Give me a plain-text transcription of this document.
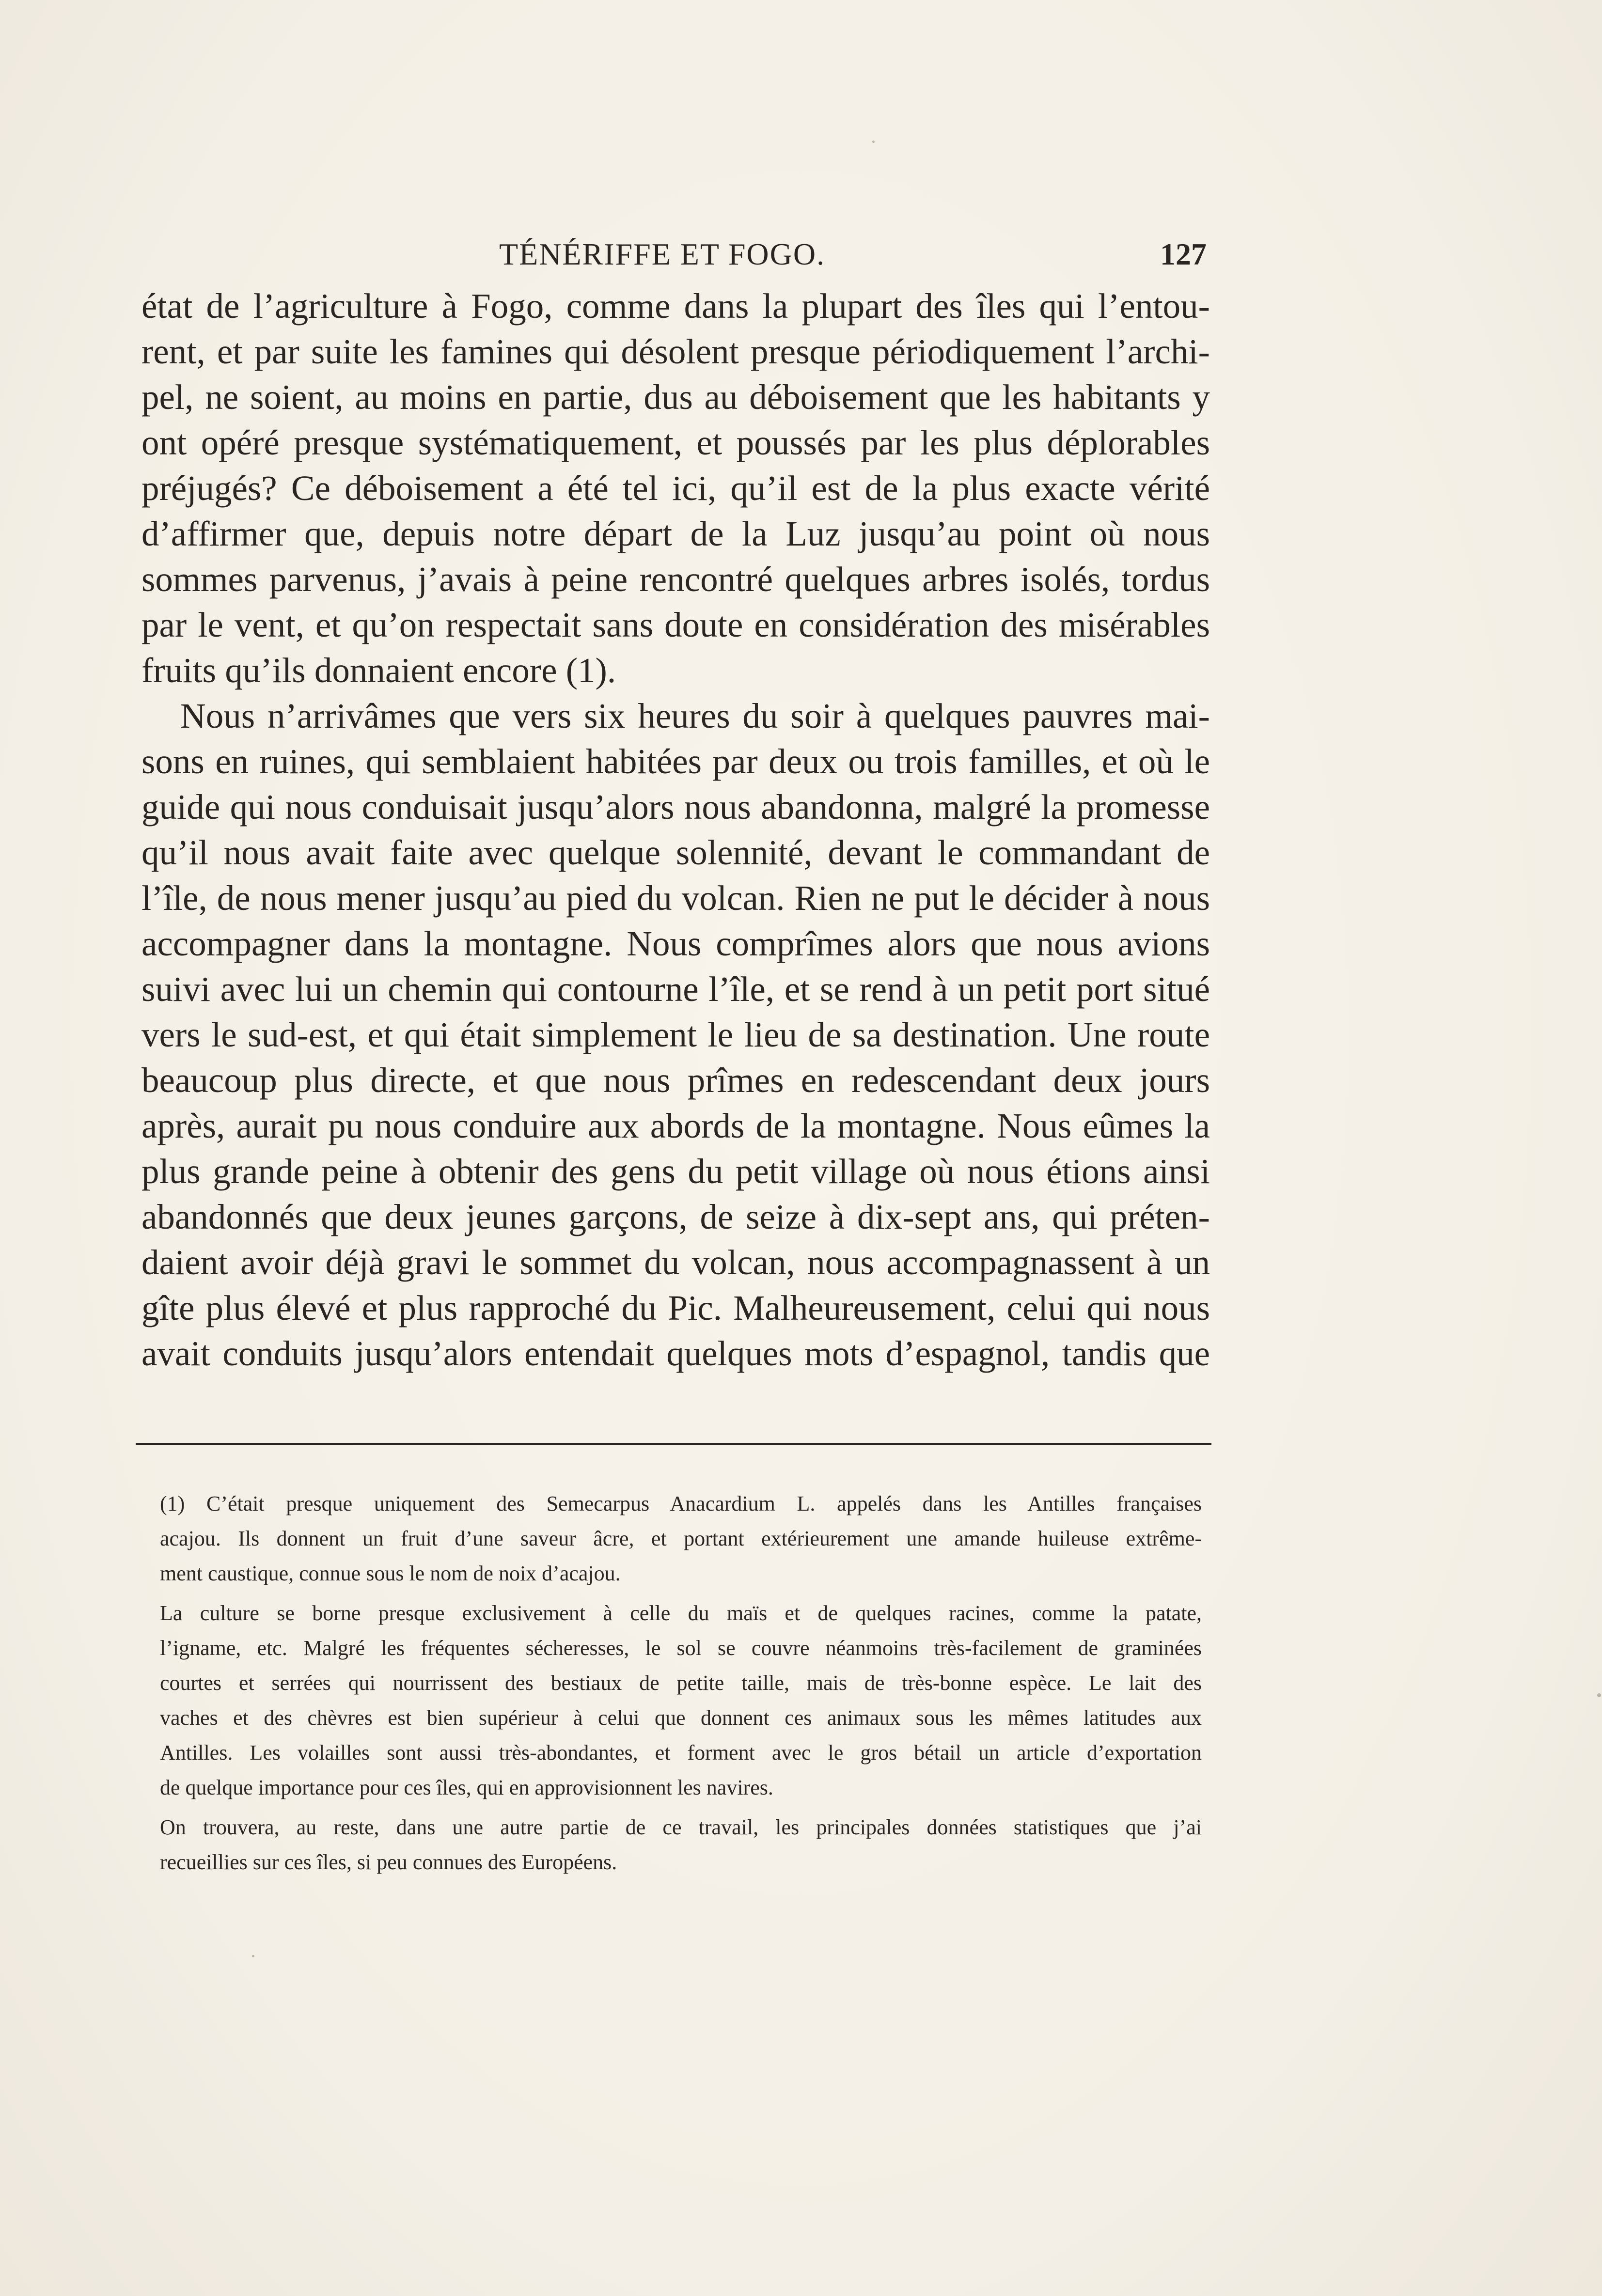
TÉNÉRIFFE ET FOGO.	127
état de l’agriculture à Fogo, comme dans la plupart des îles qui l’entou-
rent, et par suite les famines qui désolent presque périodiquement l’archi-
pel, ne soient, au moins en partie, dus au déboisement que les habitants y
ont opéré presque systématiquement, et poussés par les plus déplorables
préjugés? Ce déboisement a été tel ici, qu’il est de la plus exacte vérité
d’affirmer que, depuis notre départ de la Luz jusqu’au point où nous
sommes parvenus, j’avais à peine rencontré quelques arbres isolés, tordus
par le vent, et qu’on respectait sans doute en considération des misérables
fruits qu’ils donnaient encore (1).
Nous n’arrivâmes que vers six heures du soir à quelques pauvres mai-
sons en ruines, qui semblaient habitées par deux ou trois familles, et où le
guide qui nous conduisait jusqu’alors nous abandonna, malgré la promesse
qu’il nous avait faite avec quelque solennité, devant le commandant de
l’île, de nous mener jusqu’au pied du volcan. Rien ne put le décider à nous
accompagner dans la montagne. Nous comprîmes alors que nous avions
suivi avec lui un chemin qui contourne l’île, et se rend à un petit port situé
vers le sud-est, et qui était simplement le lieu de sa destination. Une route
beaucoup plus directe, et que nous prîmes en redescendant deux jours
après, aurait pu nous conduire aux abords de la montagne. Nous eûmes la
plus grande peine à obtenir des gens du petit village où nous étions ainsi
abandonnés que deux jeunes garçons, de seize à dix-sept ans, qui préten-
daient avoir déjà gravi le sommet du volcan, nous accompagnassent à un
gîte plus élevé et plus rapproché du Pic. Malheureusement, celui qui nous
avait conduits jusqu’alors entendait quelques mots d’espagnol, tandis que
(1) C’était presque uniquement des Semecarpus Anacardium L. appelés dans les Antilles françaises
acajou. Ils donnent un fruit d’une saveur âcre, et portant extérieurement une amande huileuse extrême-
ment caustique, connue sous le nom de noix d’acajou.
La culture se borne presque exclusivement à celle du maïs et de quelques racines, comme la patate,
l’igname, etc. Malgré les fréquentes sécheresses, le sol se couvre néanmoins très-facilement de graminées
courtes et serrées qui nourrissent des bestiaux de petite taille, mais de très-bonne espèce. Le lait des
vaches et des chèvres est bien supérieur à celui que donnent ces animaux sous les mêmes latitudes aux
Antilles. Les volailles sont aussi très-abondantes, et forment avec le gros bétail un article d’exportation
de quelque importance pour ces îles, qui en approvisionnent les navires.
On trouvera, au reste, dans une autre partie de ce travail, les principales données statistiques que j’ai
recueillies sur ces îles, si peu connues des Européens.
